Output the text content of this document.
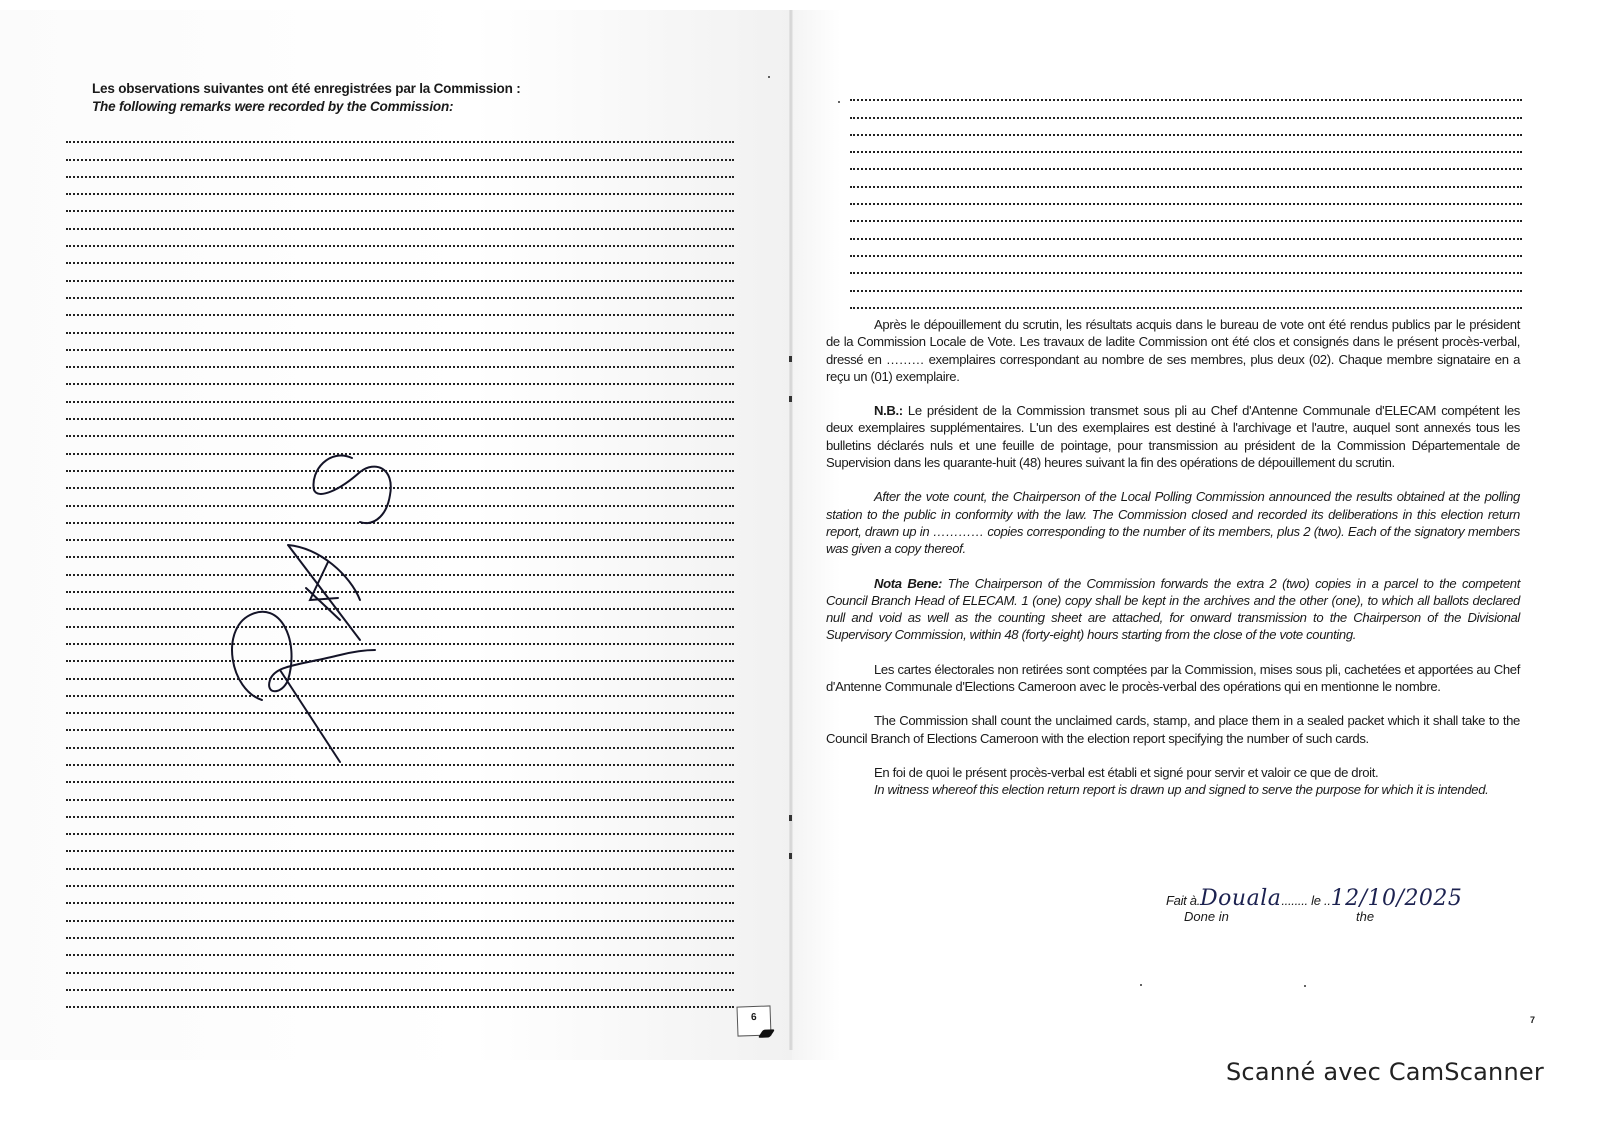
Les observations suivantes ont été enregistrées par la Commission :
The following remarks were recorded by the Commission:
6

Après le dépouillement du scrutin, les résultats acquis dans le bureau de vote ont été rendus publics par le président de la Commission Locale de Vote. Les travaux de ladite Commission ont été clos et consignés dans le présent procès-verbal, dressé en ……… exemplaires correspondant au nombre de ses membres, plus deux (02). Chaque membre signataire en a reçu un (01) exemplaire.

N.B.: Le président de la Commission transmet sous pli au Chef d'Antenne Communale d'ELECAM compétent les deux exemplaires supplémentaires. L'un des exemplaires est destiné à l'archivage et l'autre, auquel sont annexés tous les bulletins déclarés nuls et une feuille de pointage, pour transmission au président de la Commission Départementale de Supervision dans les quarante-huit (48) heures suivant la fin des opérations de dépouillement du scrutin.

After the vote count, the Chairperson of the Local Polling Commission announced the results obtained at the polling station to the public in conformity with the law. The Commission closed and recorded its deliberations in this election return report, drawn up in ………… copies corresponding to the number of its members, plus 2 (two). Each of the signatory members was given a copy thereof.

Nota Bene: The Chairperson of the Commission forwards the extra 2 (two) copies in a parcel to the competent Council Branch Head of ELECAM. 1 (one) copy shall be kept in the archives and the other (one), to which all ballots declared null and void as well as the counting sheet are attached, for onward transmission to the Chairperson of the Divisional Supervisory Commission, within 48 (forty-eight) hours starting from the close of the vote counting.

Les cartes électorales non retirées sont comptées par la Commission, mises sous pli, cachetées et apportées au Chef d'Antenne Communale d'Elections Cameroon avec le procès-verbal des opérations qui en mentionne le nombre.

The Commission shall count the unclaimed cards, stamp, and place them in a sealed packet which it shall take to the Council Branch of Elections Cameroon with the election report specifying the number of such cards.

En foi de quoi le présent procès-verbal est établi et signé pour servir et valoir ce que de droit.

In witness whereof this election return report is drawn up and signed to serve the purpose for which it is intended.

Fait à.Douala........ le ..12/10/2025
Done in	the
7
Scanné avec CamScanner
